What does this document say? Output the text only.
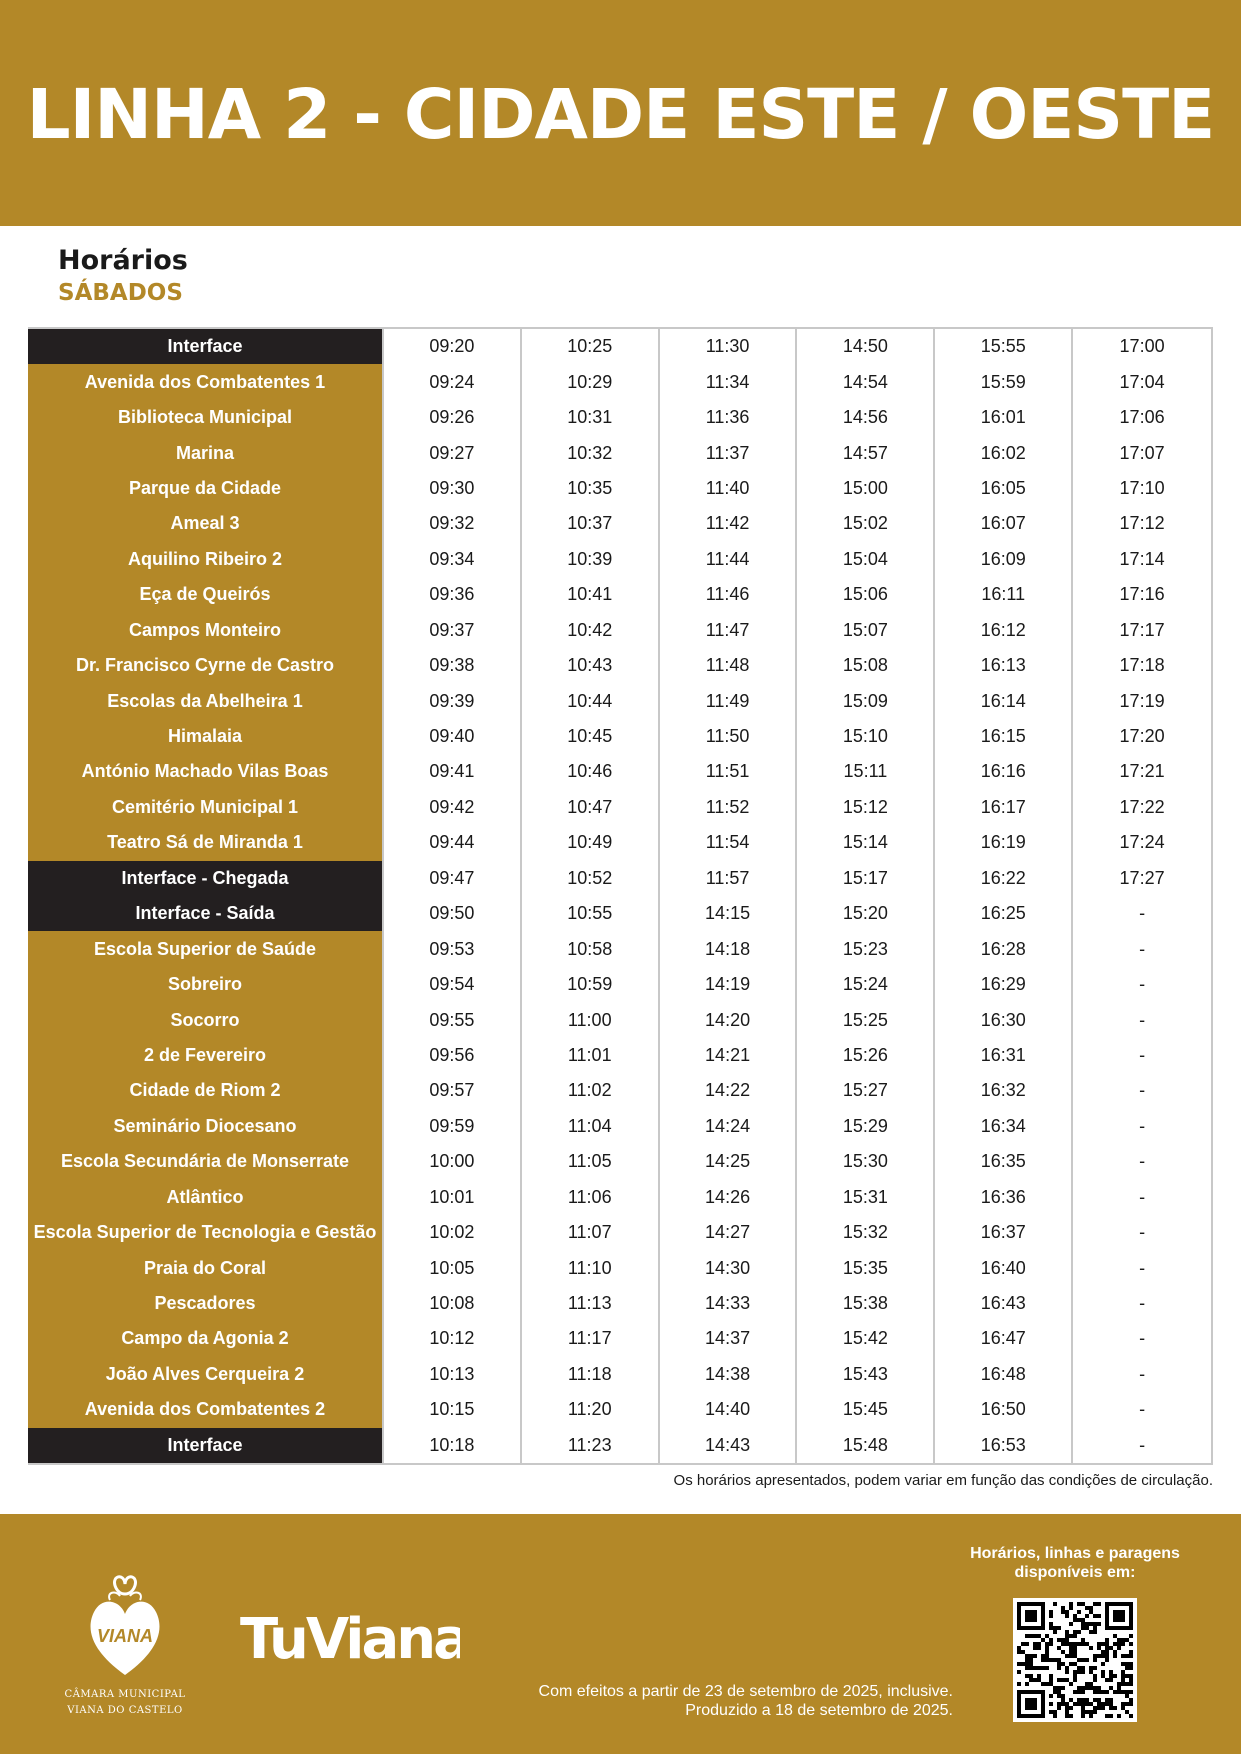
LINHA 2 - CIDADE ESTE / OESTE
Horários
SÁBADOS
Interface	09:20	10:25	11:30	14:50	15:55	17:00
Avenida dos Combatentes 1	09:24	10:29	11:34	14:54	15:59	17:04
Biblioteca Municipal	09:26	10:31	11:36	14:56	16:01	17:06
Marina	09:27	10:32	11:37	14:57	16:02	17:07
Parque da Cidade	09:30	10:35	11:40	15:00	16:05	17:10
Ameal 3	09:32	10:37	11:42	15:02	16:07	17:12
Aquilino Ribeiro 2	09:34	10:39	11:44	15:04	16:09	17:14
Eça de Queirós	09:36	10:41	11:46	15:06	16:11	17:16
Campos Monteiro	09:37	10:42	11:47	15:07	16:12	17:17
Dr. Francisco Cyrne de Castro	09:38	10:43	11:48	15:08	16:13	17:18
Escolas da Abelheira 1	09:39	10:44	11:49	15:09	16:14	17:19
Himalaia	09:40	10:45	11:50	15:10	16:15	17:20
António Machado Vilas Boas	09:41	10:46	11:51	15:11	16:16	17:21
Cemitério Municipal 1	09:42	10:47	11:52	15:12	16:17	17:22
Teatro Sá de Miranda 1	09:44	10:49	11:54	15:14	16:19	17:24
Interface - Chegada	09:47	10:52	11:57	15:17	16:22	17:27
Interface - Saída	09:50	10:55	14:15	15:20	16:25	-
Escola Superior de Saúde	09:53	10:58	14:18	15:23	16:28	-
Sobreiro	09:54	10:59	14:19	15:24	16:29	-
Socorro	09:55	11:00	14:20	15:25	16:30	-
2 de Fevereiro	09:56	11:01	14:21	15:26	16:31	-
Cidade de Riom 2	09:57	11:02	14:22	15:27	16:32	-
Seminário Diocesano	09:59	11:04	14:24	15:29	16:34	-
Escola Secundária de Monserrate	10:00	11:05	14:25	15:30	16:35	-
Atlântico	10:01	11:06	14:26	15:31	16:36	-
Escola Superior de Tecnologia e Gestão	10:02	11:07	14:27	15:32	16:37	-
Praia do Coral	10:05	11:10	14:30	15:35	16:40	-
Pescadores	10:08	11:13	14:33	15:38	16:43	-
Campo da Agonia 2	10:12	11:17	14:37	15:42	16:47	-
João Alves Cerqueira 2	10:13	11:18	14:38	15:43	16:48	-
Avenida dos Combatentes 2	10:15	11:20	14:40	15:45	16:50	-
Interface	10:18	11:23	14:43	15:48	16:53	-
Os horários apresentados, podem variar em função das condições de circulação.
VIANA
CÂMARA MUNICIPAL
VIANA DO CASTELO
TuViana
Com efeitos a partir de 23 de setembro de 2025, inclusive.
Produzido a 18 de setembro de 2025.
Horários, linhas e paragens
disponíveis em:
